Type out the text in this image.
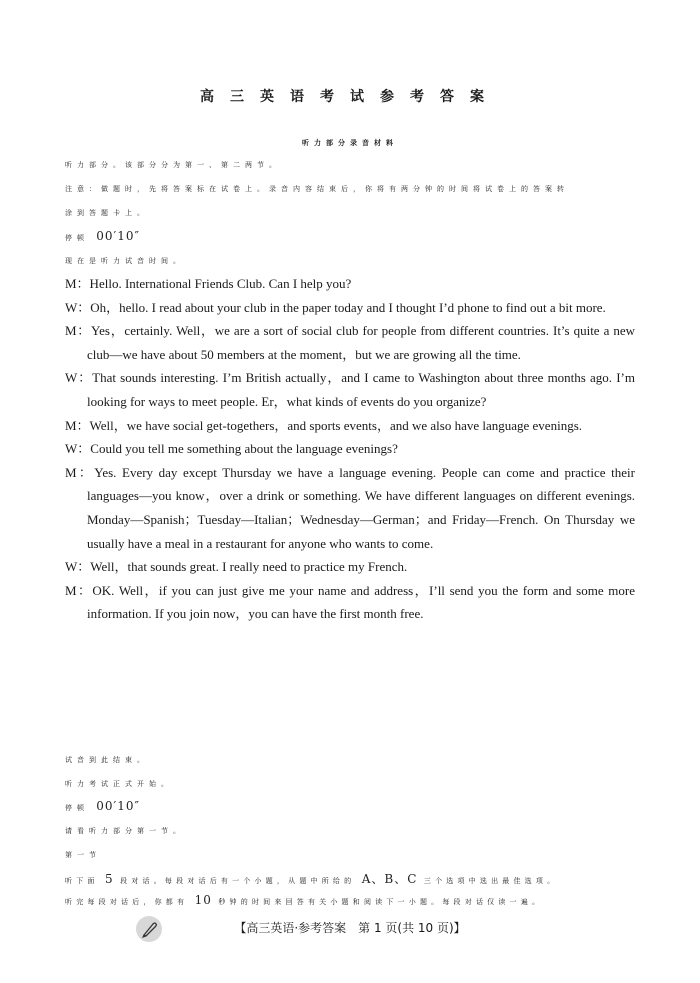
高三英语考试参考答案
听力部分录音材料
听力部分。该部分分为第一、第二两节。
注意：做题时，先将答案标在试卷上。录音内容结束后，你将有两分钟的时间将试卷上的答案转
涂到答题卡上。
停顿 00′10″
现在是听力试音时间。

M：Hello. International Friends Club. Can I help you?

W：Oh，hello. I read about your club in the paper today and I thought I’d phone to find out a bit more.

M：Yes，certainly. Well，we are a sort of social club for people from different countries. It’s quite a new club—we have about 50 members at the moment，but we are growing all the time.

W：That sounds interesting. I’m British actually，and I came to Washington about three months ago. I’m looking for ways to meet people. Er，what kinds of events do you organize?

M：Well，we have social get-togethers，and sports events，and we also have language evenings.

W：Could you tell me something about the language evenings?

M：Yes. Every day except Thursday we have a language evening. People can come and practice their languages—you know，over a drink or something. We have different languages on different evenings. Monday—Spanish；Tuesday—Italian；Wednesday—German；and Friday—French. On Thursday we usually have a meal in a restaurant for anyone who wants to come.

W：Well，that sounds great. I really need to practice my French.

M：OK. Well，if you can just give me your name and address，I’ll send you the form and some more information. If you join now，you can have the first month free.

试音到此结束。
听力考试正式开始。
停顿 00′10″
请看听力部分第一节。
第一节
听下面 5 段对话。每段对话后有一个小题，从题中所给的 A、B、C 三个选项中选出最佳选项。
听完每段对话后，你都有 10 秒钟的时间来回答有关小题和阅读下一小题。每段对话仅读一遍。
【高三英语·参考答案　第 1 页(共 10 页)】
